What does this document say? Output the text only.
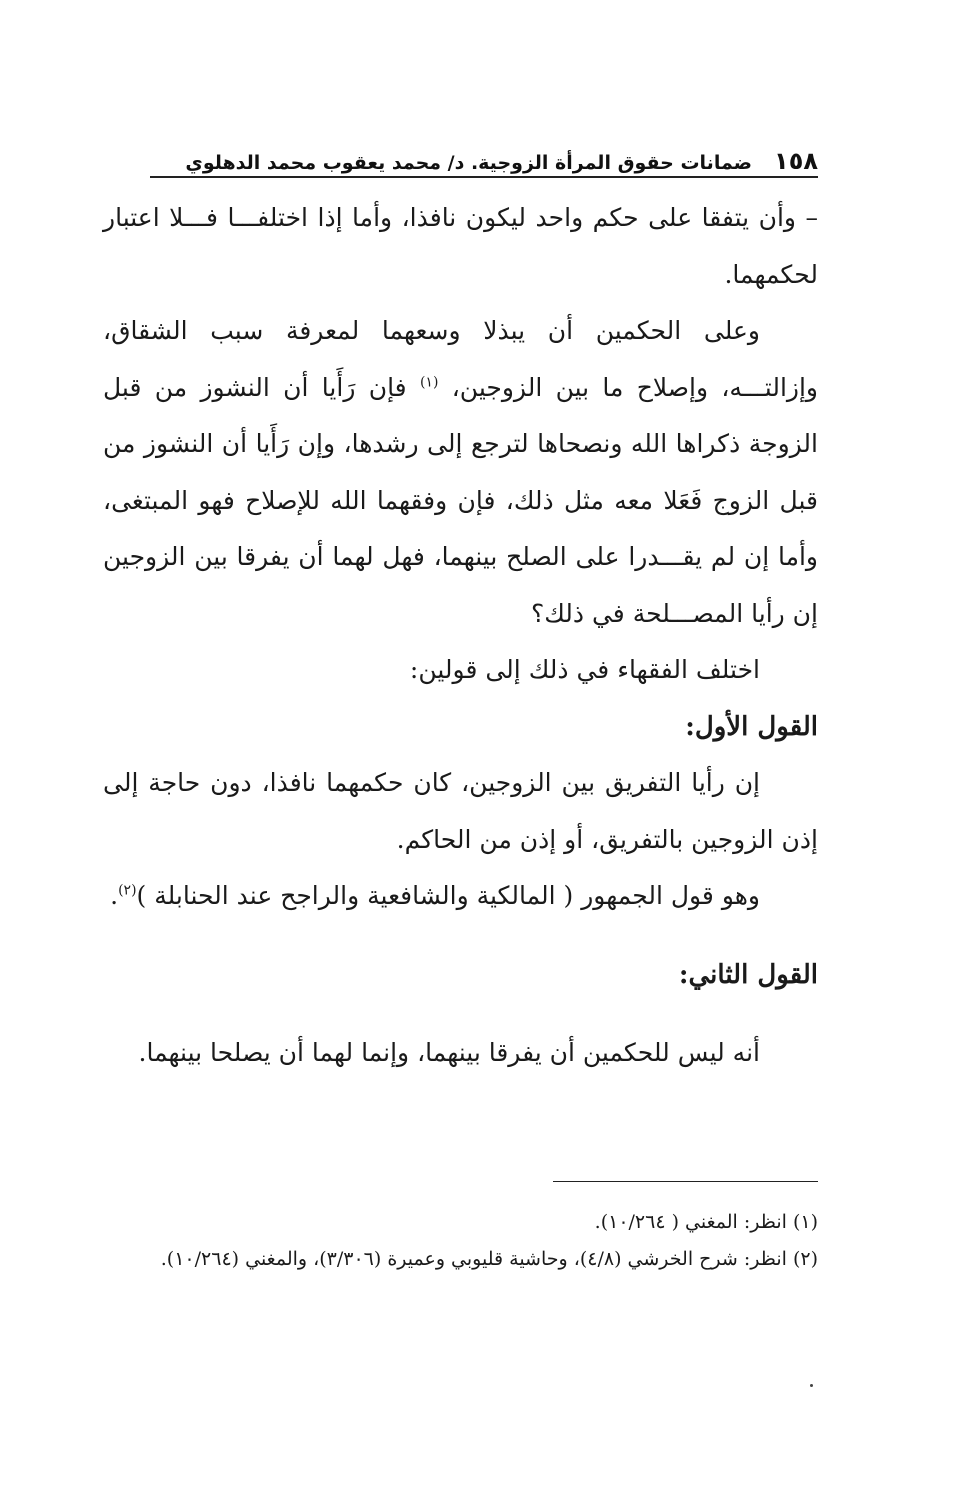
١٥٨
ضمانات حقوق المرأة الزوجية. د/ محمد يعقوب محمد الدهلوي

– وأن يتفقا على حكم واحد ليكون نافذا، وأما إذا اختلفـــا فـــلا اعتبار لحكمهما.

وعلى الحكمين أن يبذلا وسعهما لمعرفة سبب الشقاق، وإزالتـــه، وإصلاح ما بين الزوجين، $^{(١)}$ فإن رَأَيا أن النشوز من قبل الزوجة ذكراها الله ونصحاها لترجع إلى رشدها، وإن رَأَيا أن النشوز من قبل الزوج فَعَلا معه مثل ذلك، فإن وفقهما الله للإصلاح فهو المبتغى، وأما إن لم يقـــدرا على الصلح بينهما، فهل لهما أن يفرقا بين الزوجين إن رأيا المصـــلحة في ذلك؟

اختلف الفقهاء في ذلك إلى قولين:

القول الأول:

إن رأيا التفريق بين الزوجين، كان حكمهما نافذا، دون حاجة إلى إذن الزوجين بالتفريق، أو إذن من الحاكم.

وهو قول الجمهور ( المالكية والشافعية والراجح عند الحنابلة )$^{(٢)}$.

القول الثاني:

أنه ليس للحكمين أن يفرقا بينهما، وإنما لهما أن يصلحا بينهما.

(١) انظر: المغني ( ١٠/٢٦٤).

(٢) انظر: شرح الخرشي (٤/٨)، وحاشية قليوبي وعميرة (٣/٣٠٦)، والمغني (١٠/٢٦٤).
